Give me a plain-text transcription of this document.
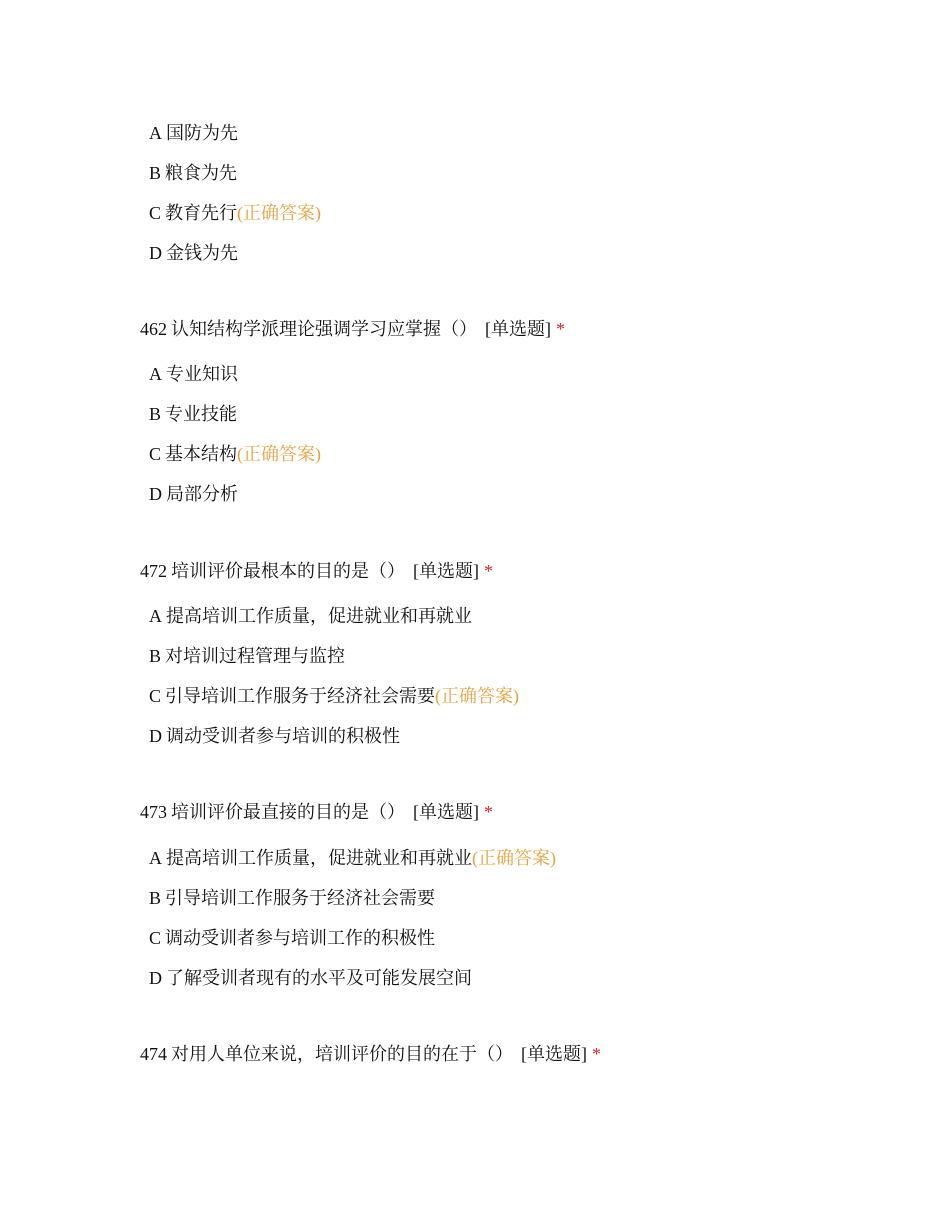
A 国防为先
B 粮食为先
C 教育先行(正确答案)
D 金钱为先
462 认知结构学派理论强调学习应掌握（） [单选题] *
A 专业知识
B 专业技能
C 基本结构(正确答案)
D 局部分析
472 培训评价最根本的目的是（） [单选题] *
A 提高培训工作质量，促进就业和再就业
B 对培训过程管理与监控
C 引导培训工作服务于经济社会需要(正确答案)
D 调动受训者参与培训的积极性
473 培训评价最直接的目的是（） [单选题] *
A 提高培训工作质量，促进就业和再就业(正确答案)
B 引导培训工作服务于经济社会需要
C 调动受训者参与培训工作的积极性
D 了解受训者现有的水平及可能发展空间
474 对用人单位来说，培训评价的目的在于（） [单选题] *
